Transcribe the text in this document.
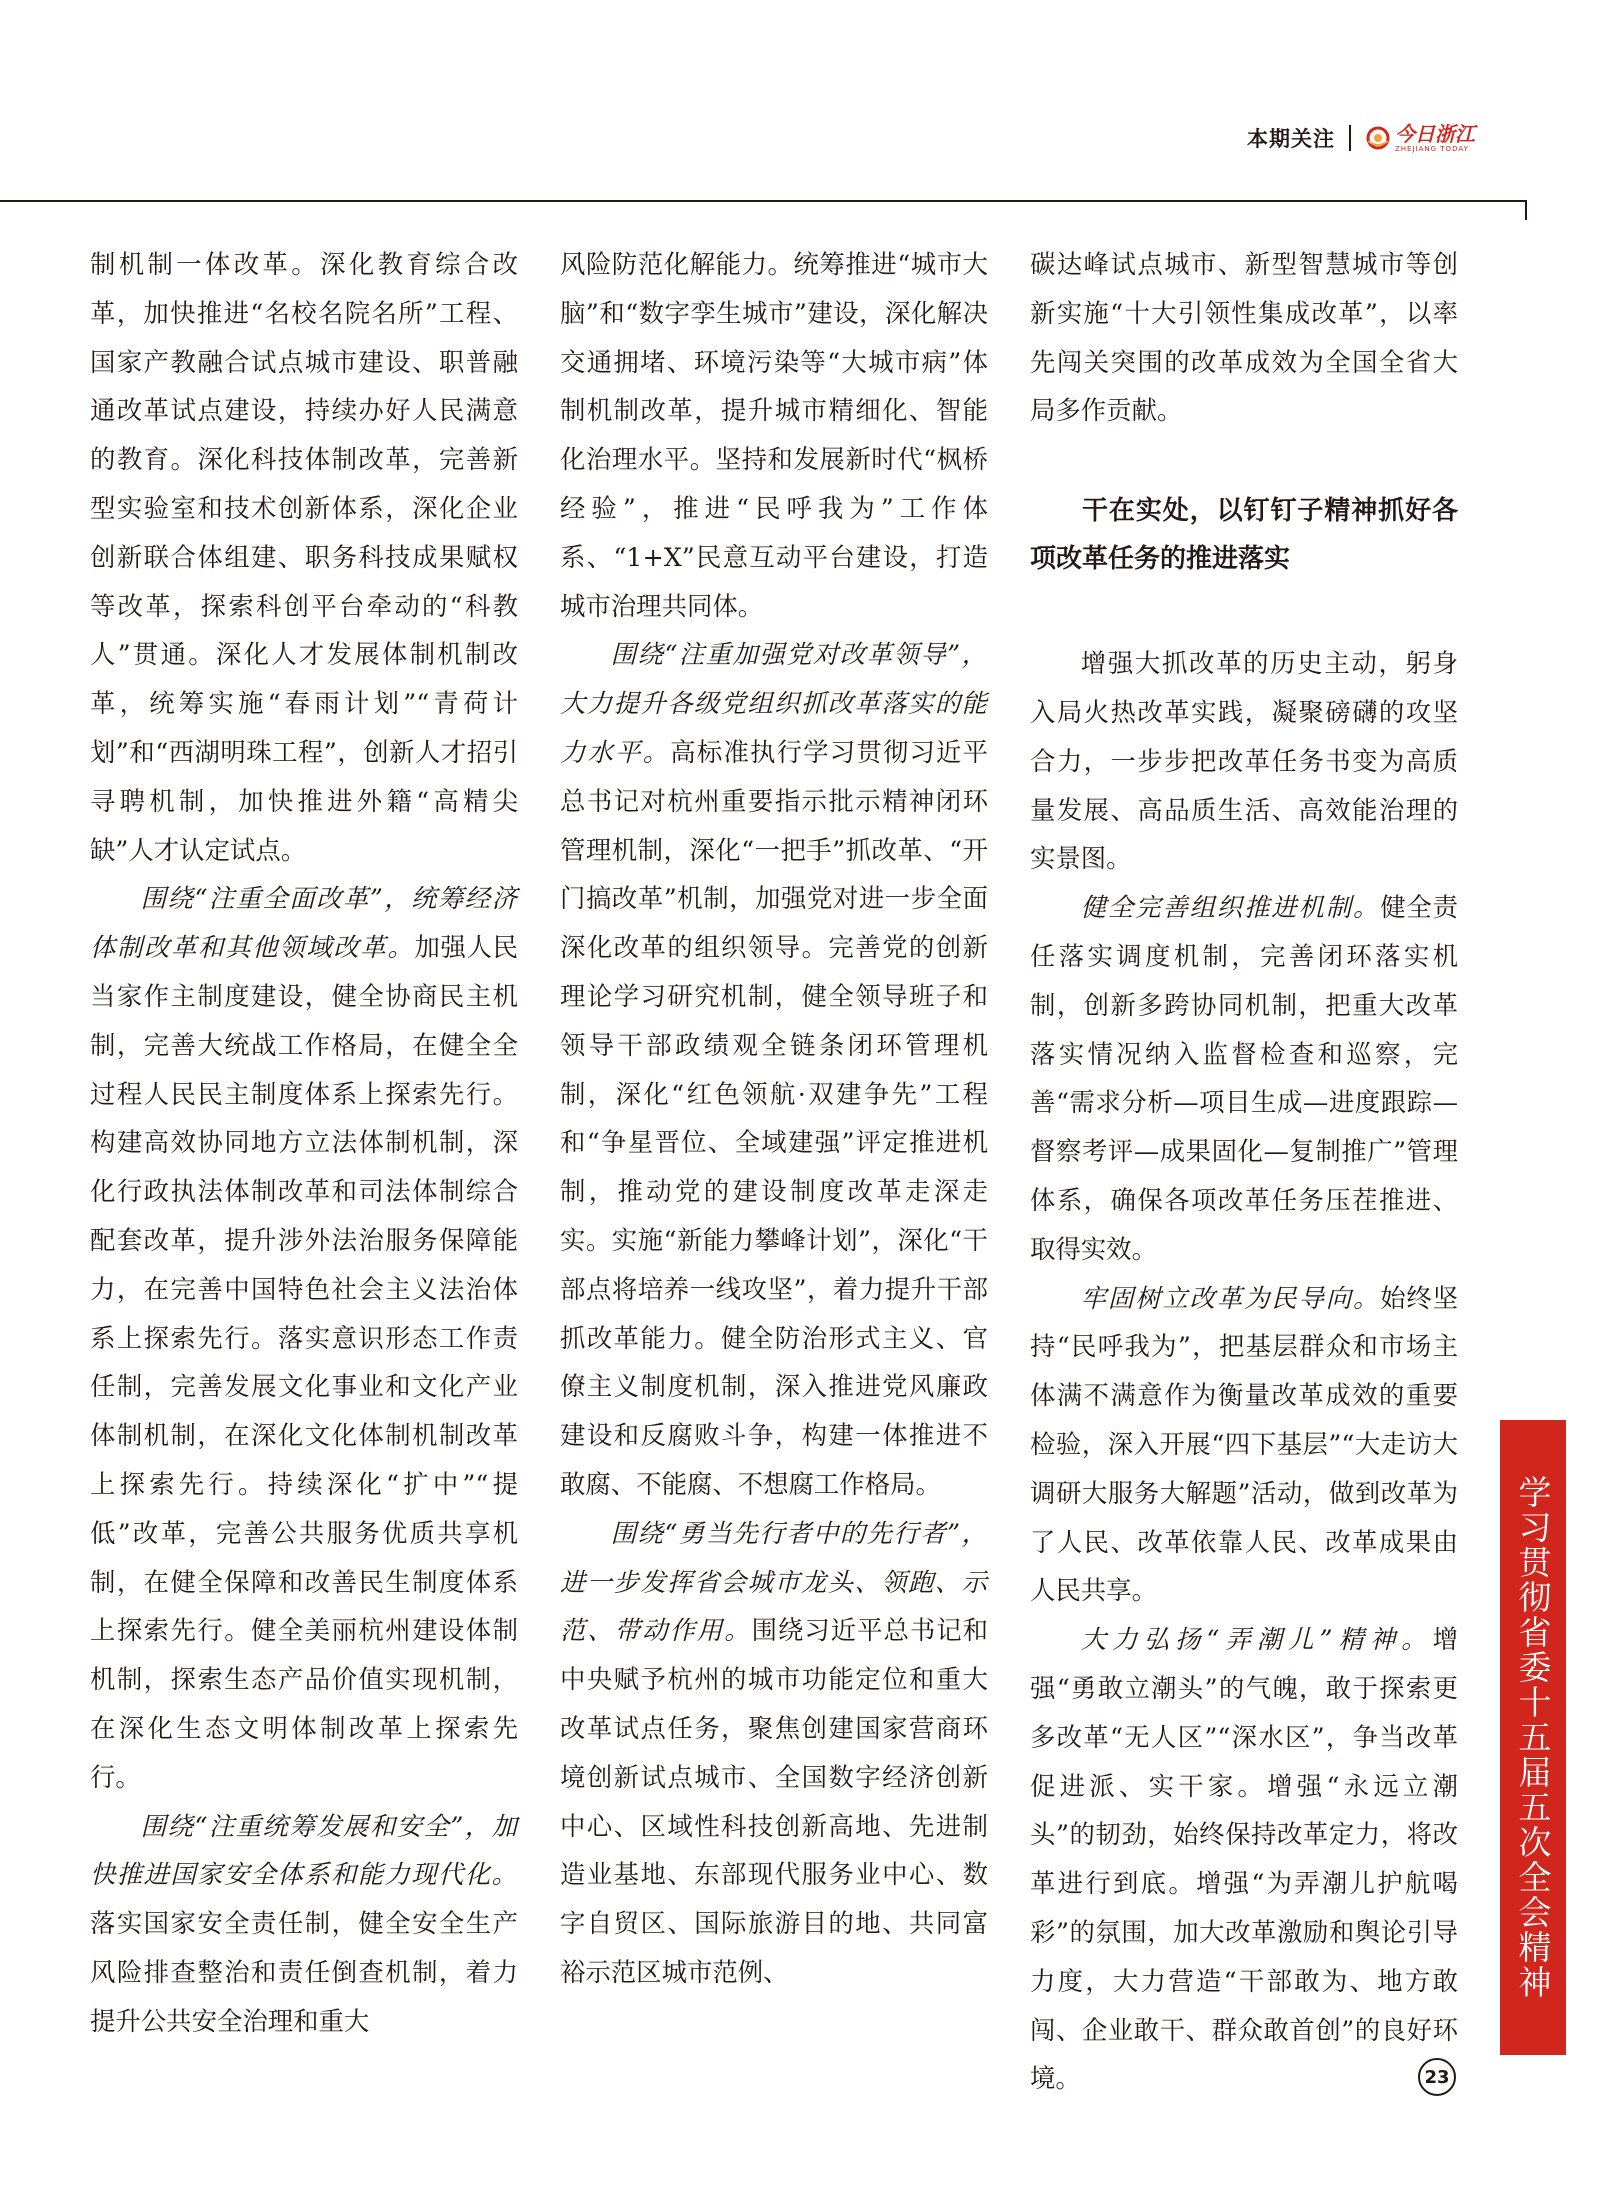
本期关注	今日浙江
ZHEJIANG TODAY

制机制一体改革。深化教育综合改革，加快推进“名校名院名所”工程、国家产教融合试点城市建设、职普融通改革试点建设，持续办好人民满意的教育。深化科技体制改革，完善新型实验室和技术创新体系，深化企业创新联合体组建、职务科技成果赋权等改革，探索科创平台牵动的“科教人”贯通。深化人才发展体制机制改革，统筹实施“春雨计划”“青荷计划”和“西湖明珠工程”，创新人才招引寻聘机制，加快推进外籍“高精尖缺”人才认定试点。

围绕“注重全面改革”，统筹经济体制改革和其他领域改革。加强人民当家作主制度建设，健全协商民主机制，完善大统战工作格局，在健全全过程人民民主制度体系上探索先行。构建高效协同地方立法体制机制，深化行政执法体制改革和司法体制综合配套改革，提升涉外法治服务保障能力，在完善中国特色社会主义法治体系上探索先行。落实意识形态工作责任制，完善发展文化事业和文化产业体制机制，在深化文化体制机制改革上探索先行。持续深化“扩中”“提低”改革，完善公共服务优质共享机制，在健全保障和改善民生制度体系上探索先行。健全美丽杭州建设体制机制，探索生态产品价值实现机制，在深化生态文明体制改革上探索先行。

围绕“注重统筹发展和安全”，加快推进国家安全体系和能力现代化。落实国家安全责任制，健全安全生产风险排查整治和责任倒查机制，着力提升公共安全治理和重大

风险防范化解能力。统筹推进“城市大脑”和“数字孪生城市”建设，深化解决交通拥堵、环境污染等“大城市病”体制机制改革，提升城市精细化、智能化治理水平。坚持和发展新时代“枫桥经验”，推进“民呼我为”工作体系、“1+X”民意互动平台建设，打造城市治理共同体。

围绕“注重加强党对改革领导”，大力提升各级党组织抓改革落实的能力水平。高标准执行学习贯彻习近平总书记对杭州重要指示批示精神闭环管理机制，深化“一把手”抓改革、“开门搞改革”机制，加强党对进一步全面深化改革的组织领导。完善党的创新理论学习研究机制，健全领导班子和领导干部政绩观全链条闭环管理机制，深化“红色领航·双建争先”工程和“争星晋位、全域建强”评定推进机制，推动党的建设制度改革走深走实。实施“新能力攀峰计划”，深化“干部点将培养一线攻坚”，着力提升干部抓改革能力。健全防治形式主义、官僚主义制度机制，深入推进党风廉政建设和反腐败斗争，构建一体推进不敢腐、不能腐、不想腐工作格局。

围绕“勇当先行者中的先行者”，进一步发挥省会城市龙头、领跑、示范、带动作用。围绕习近平总书记和中央赋予杭州的城市功能定位和重大改革试点任务，聚焦创建国家营商环境创新试点城市、全国数字经济创新中心、区域性科技创新高地、先进制造业基地、东部现代服务业中心、数字自贸区、国际旅游目的地、共同富裕示范区城市范例、

碳达峰试点城市、新型智慧城市等创新实施“十大引领性集成改革”，以率先闯关突围的改革成效为全国全省大局多作贡献。

干在实处，以钉钉子精神抓好各项改革任务的推进落实

增强大抓改革的历史主动，躬身入局火热改革实践，凝聚磅礴的攻坚合力，一步步把改革任务书变为高质量发展、高品质生活、高效能治理的实景图。

健全完善组织推进机制。健全责任落实调度机制，完善闭环落实机制，创新多跨协同机制，把重大改革落实情况纳入监督检查和巡察，完善“需求分析—项目生成—进度跟踪—督察考评—成果固化—复制推广”管理体系，确保各项改革任务压茬推进、取得实效。

牢固树立改革为民导向。始终坚持“民呼我为”，把基层群众和市场主体满不满意作为衡量改革成效的重要检验，深入开展“四下基层”“大走访大调研大服务大解题”活动，做到改革为了人民、改革依靠人民、改革成果由人民共享。

大力弘扬“弄潮儿”精神。增强“勇敢立潮头”的气魄，敢于探索更多改革“无人区”“深水区”，争当改革促进派、实干家。增强“永远立潮头”的韧劲，始终保持改革定力，将改革进行到底。增强“为弄潮儿护航喝彩”的氛围，加大改革激励和舆论引导力度，大力营造“干部敢为、地方敢闯、企业敢干、群众敢首创”的良好环境。

学习贯彻省委十五届五次全会精神
23
